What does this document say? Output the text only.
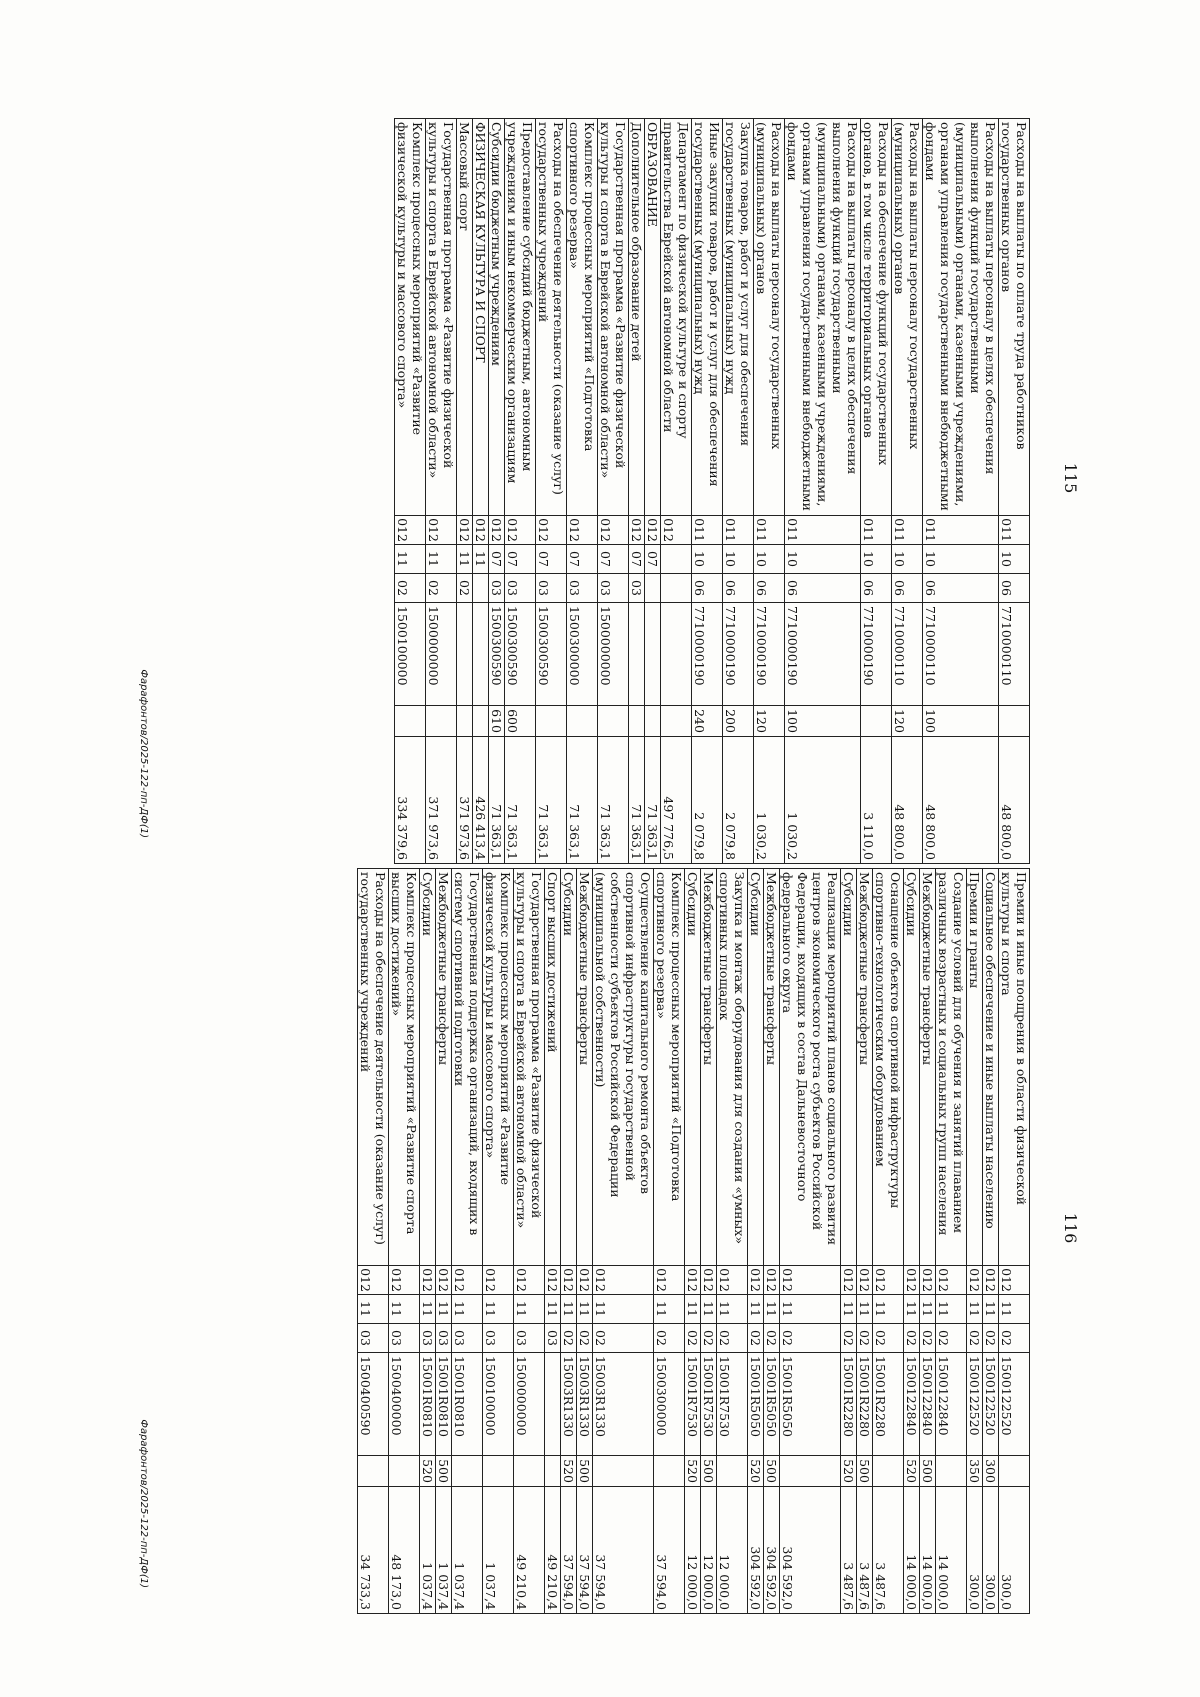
115
Расходы на выплаты по оплате труда работников государственных органов	011	10	06	7710000110		48 800,0
Расходы на выплаты персоналу в целях обеспечения выполнения функций государственными (муниципальными) органами, казенными учреждениями, органами управления государственными внебюджетными фондами	011	10	06	7710000110	100	48 800,0
Расходы на выплаты персоналу государственных (муниципальных) органов	011	10	06	7710000110	120	48 800,0
Расходы на обеспечение функций государственных органов, в том числе территориальных органов	011	10	06	7710000190		3 110,0
Расходы на выплаты персоналу в целях обеспечения выполнения функций государственными (муниципальными) органами, казенными учреждениями, органами управления государственными внебюджетными фондами	011	10	06	7710000190	100	1 030,2
Расходы на выплаты персоналу государственных (муниципальных) органов	011	10	06	7710000190	120	1 030,2
Закупка товаров, работ и услуг для обеспечения государственных (муниципальных) нужд	011	10	06	7710000190	200	2 079,8
Иные закупки товаров, работ и услуг для обеспечения государственных (муниципальных) нужд	011	10	06	7710000190	240	2 079,8
Департамент по физической культуре и спорту правительства Еврейской автономной области	012					497 776,5
ОБРАЗОВАНИЕ	012	07				71 363,1
Дополнительное образование детей	012	07	03			71 363,1
Государственная программа «Развитие физической культуры и спорта в Еврейской автономной области»	012	07	03	1500000000		71 363,1
Комплекс процессных мероприятий «Подготовка спортивного резерва»	012	07	03	1500300000		71 363,1
Расходы на обеспечение деятельности (оказание услуг) государственных учреждений	012	07	03	1500300590		71 363,1
Предоставление субсидий бюджетным, автономным учреждениям и иным некоммерческим организациям	012	07	03	1500300590	600	71 363,1
Субсидии бюджетным учреждениям	012	07	03	1500300590	610	71 363,1
ФИЗИЧЕСКАЯ КУЛЬТУРА И СПОРТ	012	11				426 413,4
Массовый спорт	012	11	02			371 973,6
Государственная программа «Развитие физической культуры и спорта в Еврейской автономной области»	012	11	02	1500000000		371 973,6
Комплекс процессных мероприятий «Развитие физической культуры и массового спорта»	012	11	02	1500100000		334 379,6
Фарафонтов/2025-122-пп-ДФ(1)
116
Премии и иные поощрения в области физической культуры и спорта	012	11	02	1500122520		300,0
Социальное обеспечение и иные выплаты населению	012	11	02	1500122520	300	300,0
Премии и гранты	012	11	02	1500122520	350	300,0
Создание условий для обучения и занятий плаванием различных возрастных и социальных групп населения	012	11	02	1500122840		14 000,0
Межбюджетные трансферты	012	11	02	1500122840	500	14 000,0
Субсидии	012	11	02	1500122840	520	14 000,0
Оснащение объектов спортивной инфраструктуры спортивно-технологическим оборудованием	012	11	02	15001R2280		3 487,6
Межбюджетные трансферты	012	11	02	15001R2280	500	3 487,6
Субсидии	012	11	02	15001R2280	520	3 487,6
Реализация мероприятий планов социального развития центров экономического роста субъектов Российской Федерации, входящих в состав Дальневосточного федерального округа	012	11	02	15001R5050		304 592,0
Межбюджетные трансферты	012	11	02	15001R5050	500	304 592,0
Субсидии	012	11	02	15001R5050	520	304 592,0
Закупка и монтаж оборудования для создания «умных» спортивных площадок	012	11	02	15001R7530		12 000,0
Межбюджетные трансферты	012	11	02	15001R7530	500	12 000,0
Субсидии	012	11	02	15001R7530	520	12 000,0
Комплекс процессных мероприятий «Подготовка спортивного резерва»	012	11	02	1500300000		37 594,0
Осуществление капитального ремонта объектов спортивной инфраструктуры государственной собственности субъектов Российской Федерации (муниципальной собственности)	012	11	02	15003R1330		37 594,0
Межбюджетные трансферты	012	11	02	15003R1330	500	37 594,0
Субсидии	012	11	02	15003R1330	520	37 594,0
Спорт высших достижений	012	11	03			49 210,4
Государственная программа «Развитие физической культуры и спорта в Еврейской автономной области»	012	11	03	1500000000		49 210,4
Комплекс процессных мероприятий «Развитие физической культуры и массового спорта»	012	11	03	1500100000		1 037,4
Государственная поддержка организаций, входящих в систему спортивной подготовки	012	11	03	15001R0810		1 037,4
Межбюджетные трансферты	012	11	03	15001R0810	500	1 037,4
Субсидии	012	11	03	15001R0810	520	1 037,4
Комплекс процессных мероприятий «Развитие спорта высших достижений»	012	11	03	1500400000		48 173,0
Расходы на обеспечение деятельности (оказание услуг) государственных учреждений	012	11	03	1500400590		34 733,3
Фарафонтов/2025-122-пп-ДФ(1)
